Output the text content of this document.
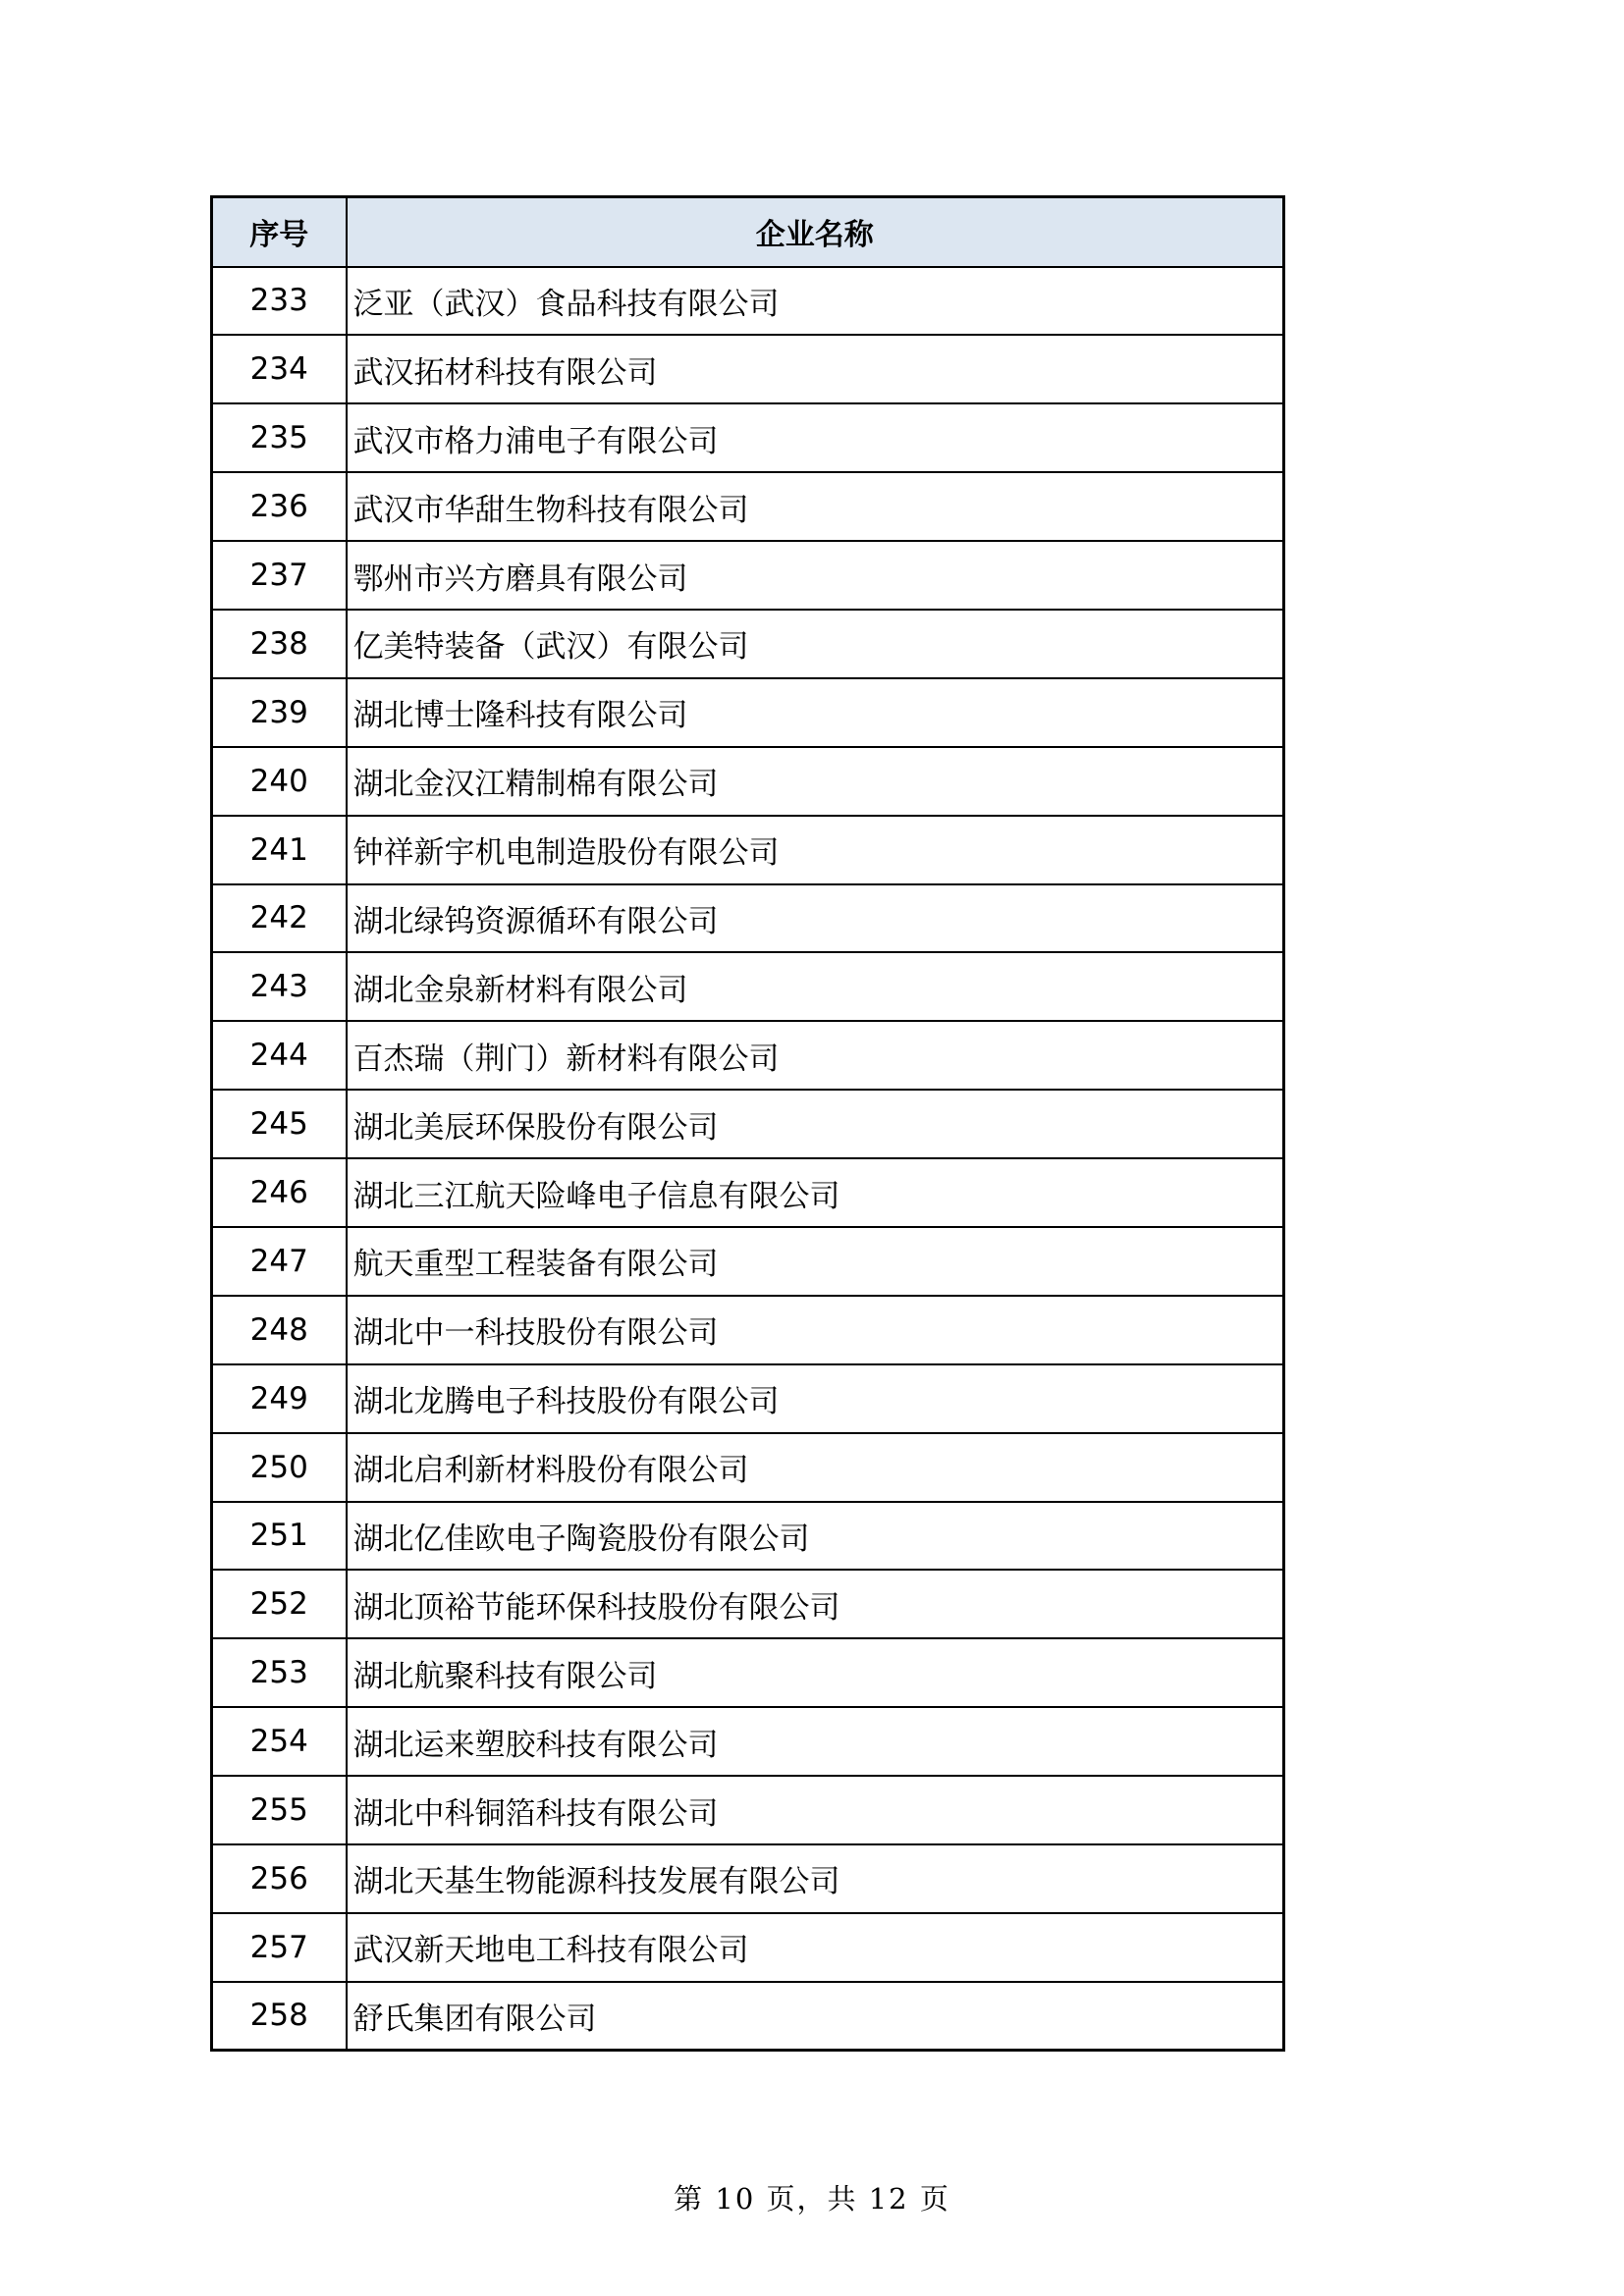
序号	企业名称
233	泛亚（武汉）食品科技有限公司
234	武汉拓材科技有限公司
235	武汉市格力浦电子有限公司
236	武汉市华甜生物科技有限公司
237	鄂州市兴方磨具有限公司
238	亿美特装备（武汉）有限公司
239	湖北博士隆科技有限公司
240	湖北金汉江精制棉有限公司
241	钟祥新宇机电制造股份有限公司
242	湖北绿钨资源循环有限公司
243	湖北金泉新材料有限公司
244	百杰瑞（荆门）新材料有限公司
245	湖北美辰环保股份有限公司
246	湖北三江航天险峰电子信息有限公司
247	航天重型工程装备有限公司
248	湖北中一科技股份有限公司
249	湖北龙腾电子科技股份有限公司
250	湖北启利新材料股份有限公司
251	湖北亿佳欧电子陶瓷股份有限公司
252	湖北顶裕节能环保科技股份有限公司
253	湖北航聚科技有限公司
254	湖北运来塑胶科技有限公司
255	湖北中科铜箔科技有限公司
256	湖北天基生物能源科技发展有限公司
257	武汉新天地电工科技有限公司
258	舒氏集团有限公司
第 10 页，共 12 页
